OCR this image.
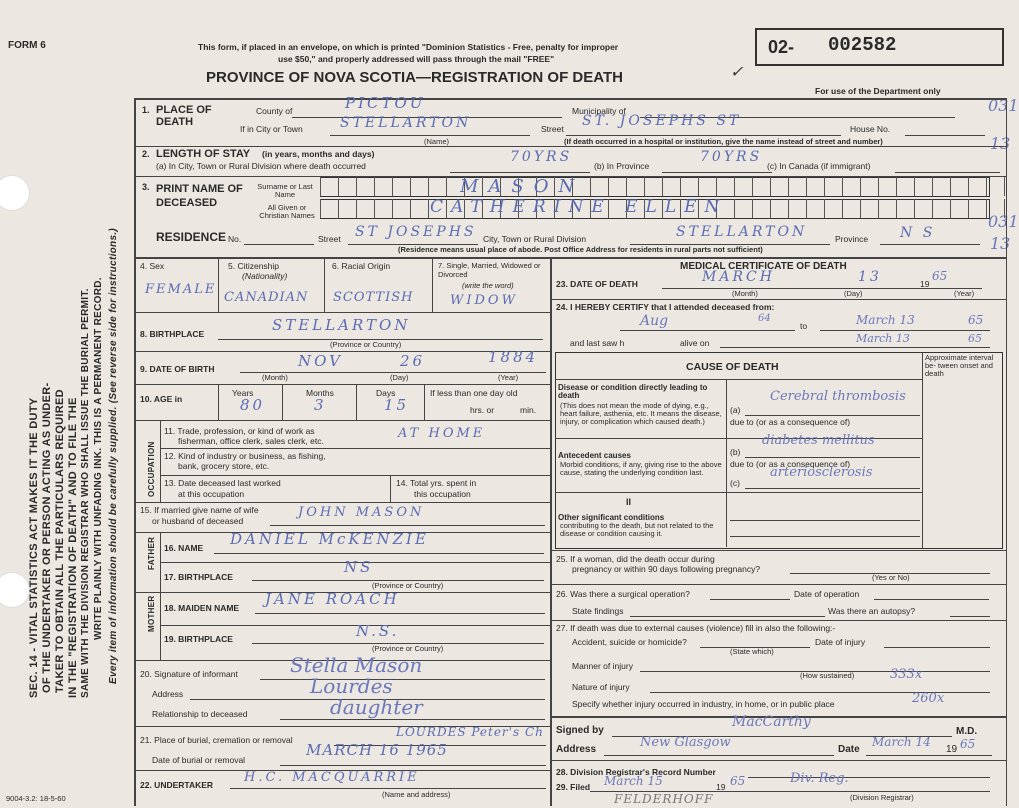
FORM 6	This form, if placed in an envelope, on which is printed "Dominion Statistics - Free, penalty for improper
use $50," and properly addressed will pass through the mail "FREE"
PROVINCE OF NOVA SCOTIA—REGISTRATION OF DEATH
02- 002582
For use of the Department only
031
13
031
13
SEC. 14 - VITAL STATISTICS ACT MAKES IT THE DUTY OF THE UNDERTAKER OR PERSON ACTING AS UNDER- TAKER TO OBTAIN ALL THE PARTICULARS REQUIRED IN THE "REGISTRATION OF DEATH" AND TO FILE THE SAME WITH THE DIVISION REGISTRAR WHO SHALL ISSUE THE BURIAL PERMIT. WRITE PLAINLY WITH UNFADING INK. THIS IS A PERMANENT RECORD. Every item of information should be carefully supplied. (See reverse side for instructions.)
1. PLACE OF DEATH
County of	PICTOU	Municipality of
If in City or Town	STELLARTON
(Name)
Street ST. JOSEPHS ST	House No.
(If death occurred in a hospital or institution, give the name instead of street and number)
2. LENGTH OF STAY (in years, months and days)
(a) In City, Town or Rural Division where death occurred
70YRS
(b) In Province
70YRS
(c) In Canada (if immigrant)
3. PRINT NAME OF DECEASED
Surname or Last Name
All Given or Christian Names
MASON
CATHERINE ELLEN
RESIDENCE No.	Street ST JOSEPHS City, Town or Rural Division	STELLARTON	Province N S
(Residence means usual place of abode. Post Office Address for residents in rural parts not sufficient)
4. Sex
FEMALE
5. Citizenship
(Nationality)
CANADIAN
6. Racial Origin
SCOTTISH
7. Single, Married, Widowed or Divorced
(write the word)
WIDOW
8. BIRTHPLACE	STELLARTON
(Province or Country)
9. DATE OF BIRTH	NOV	26	1884
(Month)	(Day)	(Year)
10. AGE in
Years
80
Months
3
Days
15
If less than one day old
hrs. or	min.
OCCUPATION
11. Trade, profession, or kind of work as
fisherman, office clerk, sales clerk, etc.	AT HOME
12. Kind of industry or business, as fishing,
bank, grocery store, etc.
13. Date deceased last worked
at this occupation
14. Total yrs. spent in
this occupation
15. If married give name of wife
or husband of deceased
JOHN MASON
FATHER 16. NAME DANIEL McKENZIE
17. BIRTHPLACE
NS
(Province or Country)
MOTHER 18. MAIDEN NAME JANE ROACH
19. BIRTHPLACE	N.S.
(Province or Country)
20. Signature of informant	Stella Mason
Address	Lourdes
Relationship to deceased	daughter
21. Place of burial, cremation or removal
LOURDES Peter's Ch
Date of burial or removal
MARCH 16 1965
22. UNDERTAKER H.C. MACQUARRIE
(Name and address)
9004-3.2: 18-5-60
MEDICAL CERTIFICATE OF DEATH
23. DATE OF DEATH	MARCH	13	19
65
(Month)	(Day)	(Year)
24. I HEREBY CERTIFY that I attended deceased from:
Aug	64
to	March 13	65
and last saw h	alive on	March 13	65
CAUSE OF DEATH
Approximate interval be- tween onset and death
Disease or condition directly leading to death
(This does not mean the mode of dying, e.g., heart failure, asthenia, etc. It means the disease, injury, or complication which caused death.)
(a)
Cerebral thrombosis
due to (or as a consequence of)
Antecedent causes
Morbid conditions, if any, giving rise to the above cause, stating the underlying condition last.
(b)
diabetes mellitus
due to (or as a consequence of)
(c)
arteriosclerosis
II
Other significant conditions
contributing to the death, but not related to the disease or condition causing it.
25. If a woman, did the death occur during
pregnancy or within 90 days following pregnancy?
(Yes or No)
26. Was there a surgical operation?	Date of operation
State findings	Was there an autopsy?
27. If death was due to external causes (violence) fill in also the following:-
Accident, suicide or homicide?	Date of injury
(State which)
Manner of injury
(How sustained)
Nature of injury
333x
Specify whether injury occurred in industry, in home, or in public place	260x
Signed by
MacCarthy
M.D.
Address	New Glasgow	Date
March 14
19 65
28. Division Registrar's Record Number
29. Filed March 15	19 65	Div. Reg.
(Division Registrar)
FELDERHOFF
✓
